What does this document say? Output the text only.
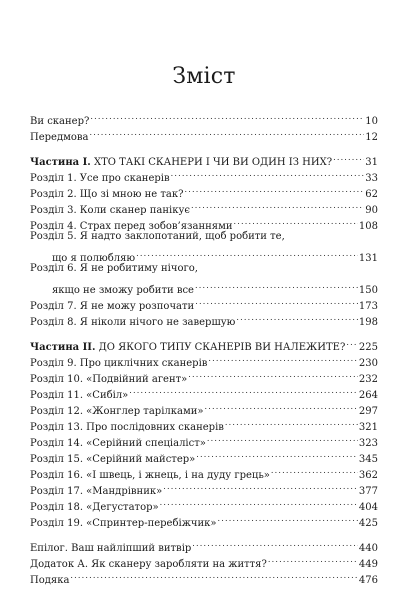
Зміст
Ви сканер? .....	10
Передмова .....	12
Частина І. ХТО ТАКІ СКАНЕРИ І ЧИ ВИ ОДИН ІЗ НИХ? .....	31
Розділ 1. Усе про сканерів .....	33
Розділ 2. Що зі мною не так? .....	62
Розділ 3. Коли сканер панікує .....	90
Розділ 4. Страх перед зобов’язаннями .....	108
Розділ 5. Я надто заклопотаний, щоб робити те,
що я полюбляю .....	131
Розділ 6. Я не робитиму нічого,
якщо не зможу робити все .....	150
Розділ 7. Я не можу розпочати .....	173
Розділ 8. Я ніколи нічого не завершую .....	198
Частина ІІ. ДО ЯКОГО ТИПУ СКАНЕРІВ ВИ НАЛЕЖИТЕ? ..... 225
Розділ 9. Про циклічних сканерів .....	230
Розділ 10. «Подвійний агент» .....	232
Розділ 11. «Сибіл» .....	264
Розділ 12. «Жонглер тарілками» .....	297
Розділ 13. Про послідовних сканерів .....	321
Розділ 14. «Серійний спеціаліст» .....	323
Розділ 15. «Серійний майстер» .....	345
Розділ 16. «І швець, і жнець, і на дуду грець» .....	362
Розділ 17. «Мандрівник» .....	377
Розділ 18. «Дегустатор» .....	404
Розділ 19. «Спринтер-перебіжчик» .....	425
Епілог. Ваш найліпший витвір .....	440
Додаток А. Як сканеру заробляти на життя? .....	449
Подяка .....	476
